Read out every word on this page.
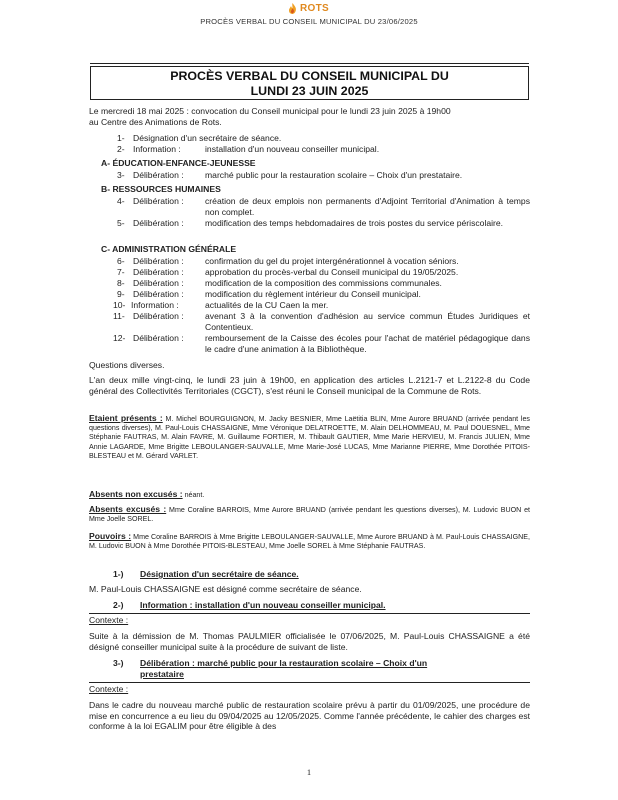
ROTS
PROCÈS VERBAL DU CONSEIL MUNICIPAL DU 23/06/2025
PROCÈS VERBAL DU CONSEIL MUNICIPAL DU
LUNDI 23 JUIN 2025
Le mercredi 18 mai 2025 : convocation du Conseil municipal pour le lundi 23 juin 2025 à 19h00
au Centre des Animations de Rots.
1- Désignation d'un secrétaire de séance.
2- Information :	installation d'un nouveau conseiller municipal.
A- ÉDUCATION-ENFANCE-JEUNESSE
3- Délibération : marché public pour la restauration scolaire – Choix d'un prestataire.
B- RESSOURCES HUMAINES
4- Délibération : création de deux emplois non permanents d'Adjoint Territorial d'Animation à temps non complet.
5- Délibération : modification des temps hebdomadaires de trois postes du service périscolaire.
C- ADMINISTRATION GÉNÉRALE
6- Délibération : confirmation du gel du projet intergénérationnel à vocation séniors.
7- Délibération : approbation du procès-verbal du Conseil municipal du 19/05/2025.
8- Délibération : modification de la composition des commissions communales.
9- Délibération : modification du règlement intérieur du Conseil municipal.
10- Information :	actualités de la CU Caen la mer.
11- Délibération : avenant 3 à la convention d'adhésion au service commun Études Juridiques et Contentieux.
12- Délibération : remboursement de la Caisse des écoles pour l'achat de matériel pédagogique dans le cadre d'une animation à la Bibliothèque.
Questions diverses.
L'an deux mille vingt-cinq, le lundi 23 juin à 19h00, en application des articles L.2121-7 et L.2122-8 du Code général des Collectivités Territoriales (CGCT), s'est réuni le Conseil municipal de la Commune de Rots.
Etaient présents : M. Michel BOURGUIGNON, M. Jacky BESNIER, Mme Laëtitia BLIN, Mme Aurore BRUAND (arrivée pendant les questions diverses), M. Paul-Louis CHASSAIGNE, Mme Véronique DELATROETTE, M. Alain DELHOMMEAU, M. Paul DOUESNEL, Mme Stéphanie FAUTRAS, M. Alain FAVRE, M. Guillaume FORTIER, M. Thibault GAUTIER, Mme Marie HERVIEU, M. Francis JULIEN, Mme Annie LAGARDE, Mme Brigitte LEBOULANGER-SAUVALLE, Mme Marie-José LUCAS, Mme Marianne PIERRE, Mme Dorothée PITOIS-BLESTEAU et M. Gérard VARLET.
Absents non excusés : néant.
Absents excusés : Mme Coraline BARROIS, Mme Aurore BRUAND (arrivée pendant les questions diverses), M. Ludovic BUON et Mme Joelle SOREL.
Pouvoirs : Mme Coraline BARROIS à Mme Brigitte LEBOULANGER-SAUVALLE, Mme Aurore BRUAND à M. Paul-Louis CHASSAIGNE, M. Ludovic BUON à Mme Dorothée PITOIS-BLESTEAU, Mme Joelle SOREL à Mme Stéphanie FAUTRAS.
1-) Désignation d'un secrétaire de séance.
M. Paul-Louis CHASSAIGNE est désigné comme secrétaire de séance.
2-) Information : installation d'un nouveau conseiller municipal.
Contexte :
Suite à la démission de M. Thomas PAULMIER officialisée le 07/06/2025, M. Paul-Louis CHASSAIGNE a été désigné conseiller municipal suite à la procédure de suivant de liste.
3-) Délibération : marché public pour la restauration scolaire – Choix d'un
prestataire
Contexte :
Dans le cadre du nouveau marché public de restauration scolaire prévu à partir du 01/09/2025, une procédure de mise en concurrence a eu lieu du 09/04/2025 au 12/05/2025. Comme l'année précédente, le cahier des charges est conforme à la loi EGALIM pour être éligible à des
1
